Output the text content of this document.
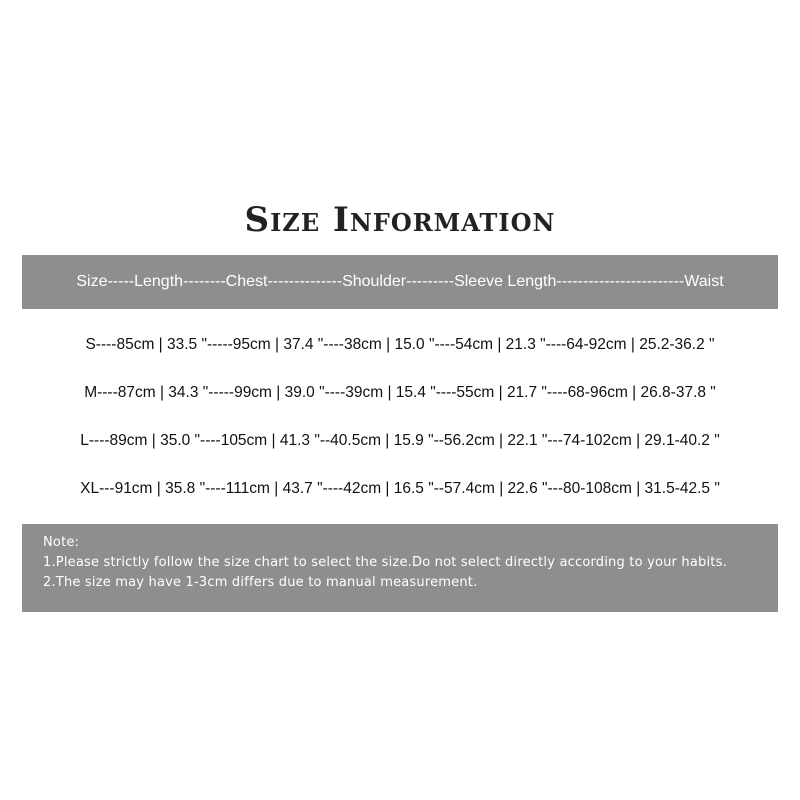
Size Information
Size-----Length--------Chest--------------Shoulder---------Sleeve Length------------------------Waist
S----85cm | 33.5 "-----95cm | 37.4 "----38cm | 15.0 "----54cm | 21.3 "----64-92cm | 25.2-36.2 "
M----87cm | 34.3 "-----99cm | 39.0 "----39cm | 15.4 "----55cm | 21.7 "----68-96cm | 26.8-37.8 "
L----89cm | 35.0 "----105cm | 41.3 "--40.5cm | 15.9 "--56.2cm | 22.1 "---74-102cm | 29.1-40.2 "
XL---91cm | 35.8 "----111cm | 43.7 "----42cm | 16.5 "--57.4cm | 22.6 "---80-108cm | 31.5-42.5 "
Note:
1.Please strictly follow the size chart to select the size.Do not select directly according to your habits.
2.The size may have 1-3cm differs due to manual measurement.
